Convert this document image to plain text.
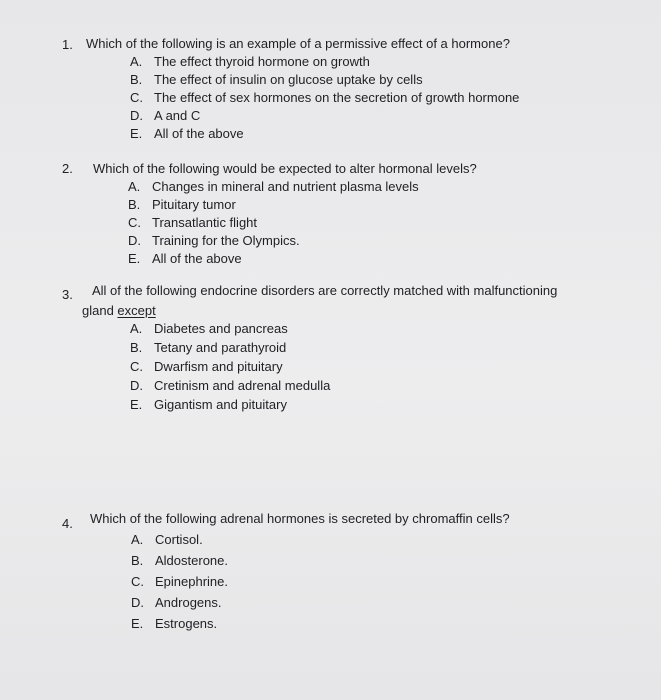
1. Which of the following is an example of a permissive effect of a hormone?
A. The effect thyroid hormone on growth
B. The effect of insulin on glucose uptake by cells
C. The effect of sex hormones on the secretion of growth hormone
D. A and C
E. All of the above
2. Which of the following would be expected to alter hormonal levels?
A. Changes in mineral and nutrient plasma levels
B. Pituitary tumor
C. Transatlantic flight
D. Training for the Olympics.
E. All of the above
3. All of the following endocrine disorders are correctly matched with malfunctioning
gland except
A. Diabetes and pancreas
B. Tetany and parathyroid
C. Dwarfism and pituitary
D. Cretinism and adrenal medulla
E. Gigantism and pituitary
4. Which of the following adrenal hormones is secreted by chromaffin cells?
A. Cortisol.
B. Aldosterone.
C. Epinephrine.
D. Androgens.
E. Estrogens.
